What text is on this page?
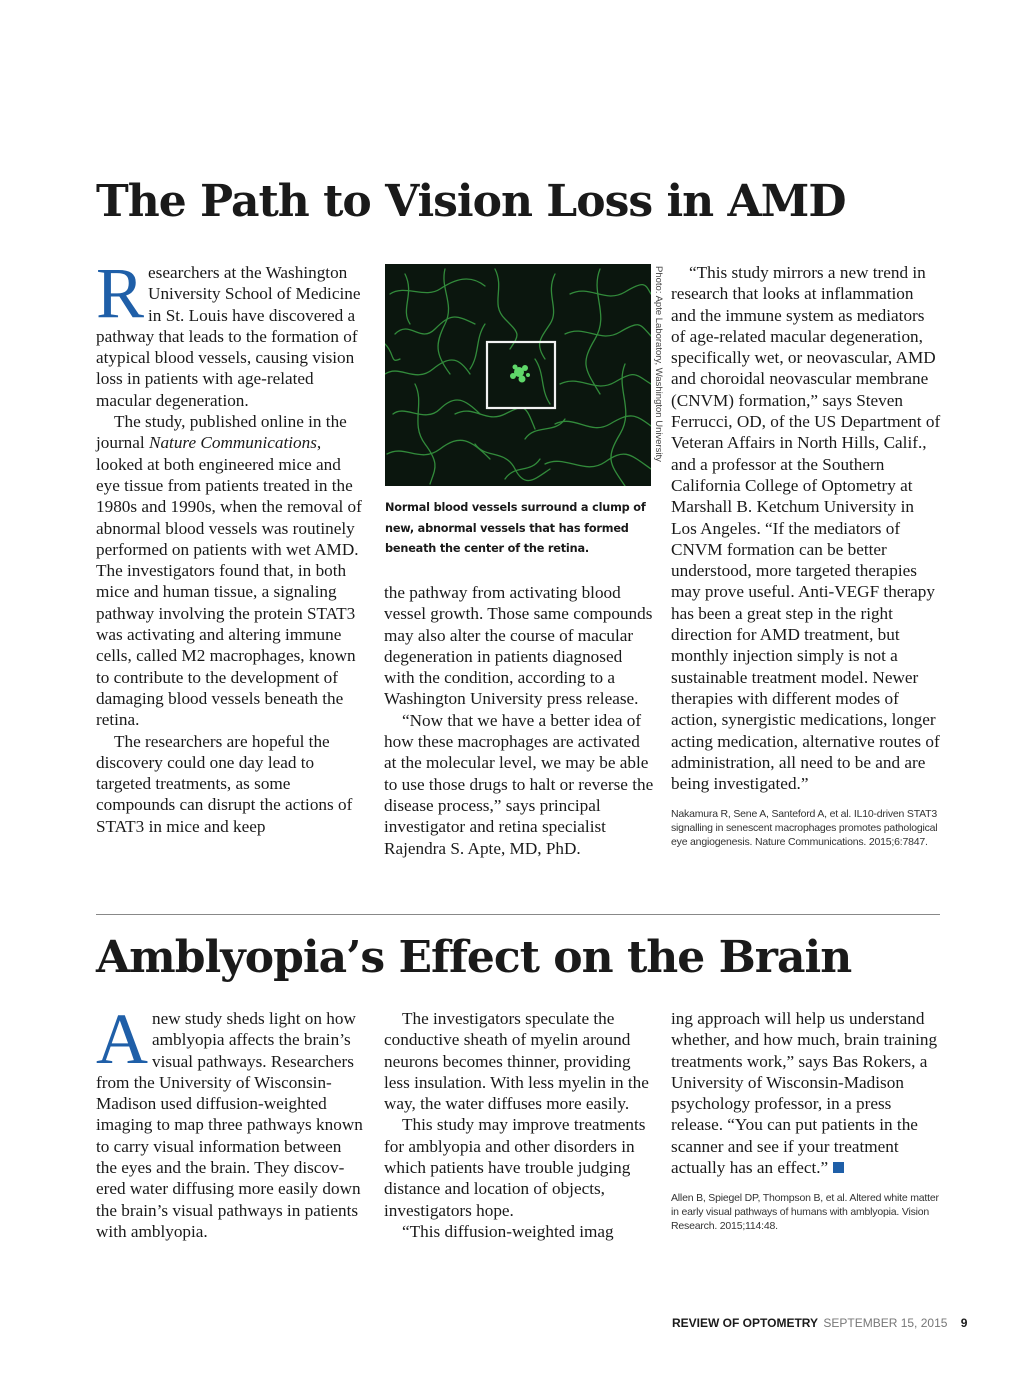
The Path to Vision Loss in AMD

Researchers at the Washington University School of Medicine in St. Louis have discovered a pathway that leads to the formation of atypical blood vessels, causing vision loss in patients with age-related macular degeneration.

The study, published online in the journal Nature Communications, looked at both engineered mice and eye tissue from patients treated in the 1980s and 1990s, when the removal of abnormal blood vessels was routinely performed on patients with wet AMD. The investigators found that, in both mice and human tissue, a signaling pathway involving the protein STAT3 was activating and altering immune cells, called M2 macrophages, known to contribute to the development of damaging blood vessels beneath the retina.

The researchers are hopeful the discovery could one day lead to targeted treatments, as some compounds can disrupt the actions of STAT3 in mice and keep

Photo: Apte Laboratory, Washington University
Normal blood vessels surround a clump of new, abnormal vessels that has formed beneath the center of the retina.

the pathway from activating blood vessel growth. Those same compounds may also alter the course of macular degeneration in patients diagnosed with the condition, according to a Washington University press release.

“Now that we have a better idea of how these macrophages are activated at the molecular level, we may be able to use those drugs to halt or reverse the disease process,” says principal investigator and retina specialist Rajendra S. Apte, MD, PhD.

“This study mirrors a new trend in research that looks at inflammation and the immune system as mediators of age-related macular degeneration, specifically wet, or neovascular, AMD and choroidal neovascular membrane (CNVM) formation,” says Steven Ferrucci, OD, of the US Department of Veteran Affairs in North Hills, Calif., and a professor at the Southern California College of Optometry at Marshall B. Ketchum University in Los Angeles. “If the mediators of CNVM formation can be better understood, more targeted therapies may prove useful. Anti-VEGF therapy has been a great step in the right direction for AMD treatment, but monthly injection simply is not a sustainable treatment model. Newer therapies with different modes of action, synergistic medications, longer acting medication, alternative routes of administration, all need to be and are being investigated.”

Nakamura R, Sene A, Santeford A, et al. IL10-driven STAT3 signalling in senescent macrophages promotes pathological eye angiogenesis. Nature Communications. 2015;6:7847.
Amblyopia’s Effect on the Brain

Anew study sheds light on how amblyopia affects the brain’s visual pathways. Researchers from the University of Wisconsin-Madison used diffusion-weighted imaging to map three pathways known to carry visual information between the eyes and the brain. They discovered water diffusing more easily down the brain’s visual pathways in patients with amblyopia.

The investigators speculate the conductive sheath of myelin around neurons becomes thinner, providing less insulation. With less myelin in the way, the water diffuses more easily.

This study may improve treatments for amblyopia and other disorders in which patients have trouble judging distance and location of objects, investigators hope.

“This diffusion-weighted imag

ing approach will help us understand whether, and how much, brain training treatments work,” says Bas Rokers, a University of Wisconsin-Madison psychology professor, in a press release. “You can put patients in the scanner and see if your treatment actually has an effect.”

Allen B, Spiegel DP, Thompson B, et al. Altered white matter in early visual pathways of humans with amblyopia. Vision Research. 2015;114:48.
REVIEW OF OPTOMETRY SEPTEMBER 15, 2015 9
